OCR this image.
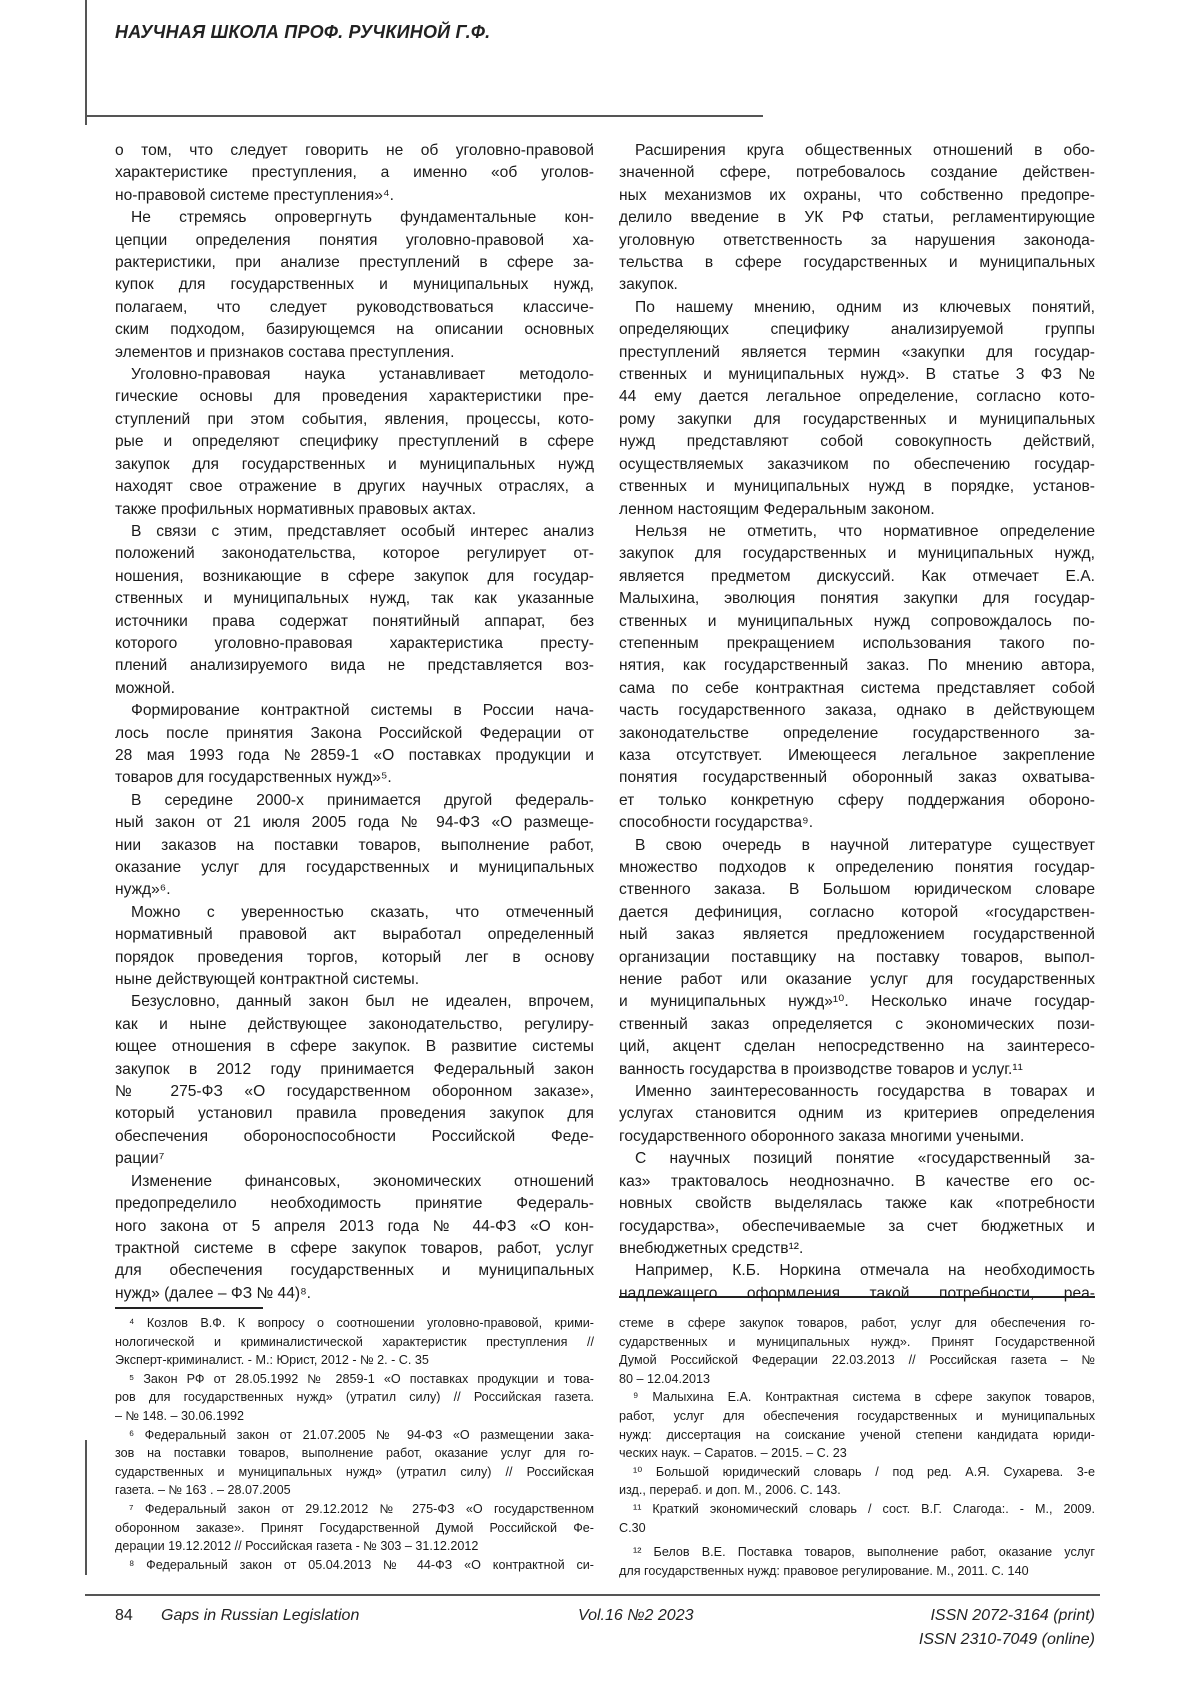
НАУЧНАЯ ШКОЛА ПРОФ. РУЧКИНОЙ Г.Ф.
о том, что следует говорить не об уголовно-правовой
характеристике преступления, а именно «об уголов-
но-правовой системе преступления»⁴.
Не стремясь опровергнуть фундаментальные кон-
цепции определения понятия уголовно-правовой ха-
рактеристики, при анализе преступлений в сфере за-
купок для государственных и муниципальных нужд,
полагаем, что следует руководствоваться классиче-
ским подходом, базирующемся на описании основных
элементов и признаков состава преступления.
Уголовно-правовая наука устанавливает методоло-
гические основы для проведения характеристики пре-
ступлений при этом события, явления, процессы, кото-
рые и определяют специфику преступлений в сфере
закупок для государственных и муниципальных нужд
находят свое отражение в других научных отраслях, а
также профильных нормативных правовых актах.
В связи с этим, представляет особый интерес анализ
положений законодательства, которое регулирует от-
ношения, возникающие в сфере закупок для государ-
ственных и муниципальных нужд, так как указанные
источники права содержат понятийный аппарат, без
которого уголовно-правовая характеристика престу-
плений анализируемого вида не представляется воз-
можной.
Формирование контрактной системы в России нача-
лось после принятия Закона Российской Федерации от
28 мая 1993 года №2859-1 «О поставках продукции и
товаров для государственных нужд»⁵.
В середине 2000-х принимается другой федераль-
ный закон от 21 июля 2005 года № 94-ФЗ «О размеще-
нии заказов на поставки товаров, выполнение работ,
оказание услуг для государственных и муниципальных
нужд»⁶.
Можно с уверенностью сказать, что отмеченный
нормативный правовой акт выработал определенный
порядок проведения торгов, который лег в основу
ныне действующей контрактной системы.
Безусловно, данный закон был не идеален, впрочем,
как и ныне действующее законодательство, регулиру-
ющее отношения в сфере закупок. В развитие системы
закупок в 2012 году принимается Федеральный закон
№ 275-ФЗ «О государственном оборонном заказе»,
который установил правила проведения закупок для
обеспечения обороноспособности Российской Феде-
рации⁷
Изменение финансовых, экономических отношений
предопределило необходимость принятие Федераль-
ного закона от 5 апреля 2013 года № 44-ФЗ «О кон-
трактной системе в сфере закупок товаров, работ, услуг
для обеспечения государственных и муниципальных
нужд» (далее – ФЗ № 44)⁸.
Расширения круга общественных отношений в обо-
значенной сфере, потребовалось создание действен-
ных механизмов их охраны, что собственно предопре-
делило введение в УК РФ статьи, регламентирующие
уголовную ответственность за нарушения законода-
тельства в сфере государственных и муниципальных
закупок.
По нашему мнению, одним из ключевых понятий,
определяющих специфику анализируемой группы
преступлений является термин «закупки для государ-
ственных и муниципальных нужд». В статье 3 ФЗ №
44 ему дается легальное определение, согласно кото-
рому закупки для государственных и муниципальных
нужд представляют собой совокупность действий,
осуществляемых заказчиком по обеспечению государ-
ственных и муниципальных нужд в порядке, установ-
ленном настоящим Федеральным законом.
Нельзя не отметить, что нормативное определение
закупок для государственных и муниципальных нужд,
является предметом дискуссий. Как отмечает Е.А.
Малыхина, эволюция понятия закупки для государ-
ственных и муниципальных нужд сопровождалось по-
степенным прекращением использования такого по-
нятия, как государственный заказ. По мнению автора,
сама по себе контрактная система представляет собой
часть государственного заказа, однако в действующем
законодательстве определение государственного за-
каза отсутствует. Имеющееся легальное закрепление
понятия государственный оборонный заказ охватыва-
ет только конкретную сферу поддержания обороно-
способности государства⁹.
В свою очередь в научной литературе существует
множество подходов к определению понятия государ-
ственного заказа. В Большом юридическом словаре
дается дефиниция, согласно которой «государствен-
ный заказ является предложением государственной
организации поставщику на поставку товаров, выпол-
нение работ или оказание услуг для государственных
и муниципальных нужд»¹⁰. Несколько иначе государ-
ственный заказ определяется с экономических пози-
ций, акцент сделан непосредственно на заинтересо-
ванность государства в производстве товаров и услуг.¹¹
Именно заинтересованность государства в товарах и
услугах становится одним из критериев определения
государственного оборонного заказа многими учеными.
С научных позиций понятие «государственный за-
каз» трактовалось неоднозначно. В качестве его ос-
новных свойств выделялась также как «потребности
государства», обеспечиваемые за счет бюджетных и
внебюджетных средств¹².
Например, К.Б. Норкина отмечала на необходимость
надлежащего оформления такой потребности, реа-
⁴ Козлов В.Ф. К вопросу о соотношении уголовно-правовой, крими-
нологической и криминалистической характеристик преступления //
Эксперт-криминалист. - М.: Юрист, 2012 - № 2. - С. 35
⁵ Закон РФ от 28.05.1992 № 2859-1 «О поставках продукции и това-
ров для государственных нужд» (утратил силу) // Российская газета.
– № 148. – 30.06.1992
⁶ Федеральный закон от 21.07.2005 № 94-ФЗ «О размещении зака-
зов на поставки товаров, выполнение работ, оказание услуг для го-
сударственных и муниципальных нужд» (утратил силу) // Российская
газета. – № 163 . – 28.07.2005
⁷ Федеральный закон от 29.12.2012 № 275-ФЗ «О государственном
оборонном заказе». Принят Государственной Думой Российской Фе-
дерации 19.12.2012 // Российская газета - № 303 – 31.12.2012
⁸ Федеральный закон от 05.04.2013 № 44-ФЗ «О контрактной си-
стеме в сфере закупок товаров, работ, услуг для обеспечения го-
сударственных и муниципальных нужд». Принят Государственной
Думой Российской Федерации 22.03.2013 // Российская газета – №
80 – 12.04.2013
⁹ Малыхина Е.А. Контрактная система в сфере закупок товаров,
работ, услуг для обеспечения государственных и муниципальных
нужд: диссертация на соискание ученой степени кандидата юриди-
ческих наук. – Саратов. – 2015. – С. 23
¹⁰ Большой юридический словарь / под ред. А.Я. Сухарева. 3-е
изд., перераб. и доп. М., 2006. С. 143.
¹¹ Краткий экономический словарь / сост. В.Г. Слагода:. - М., 2009.
С.30
¹² Белов В.Е. Поставка товаров, выполнение работ, оказание услуг
для государственных нужд: правовое регулирование. М., 2011. С. 140
84 Gaps in Russian Legislation	Vol.16 №2 2023	ISSN 2072-3164 (print)
ISSN 2310-7049 (online)
